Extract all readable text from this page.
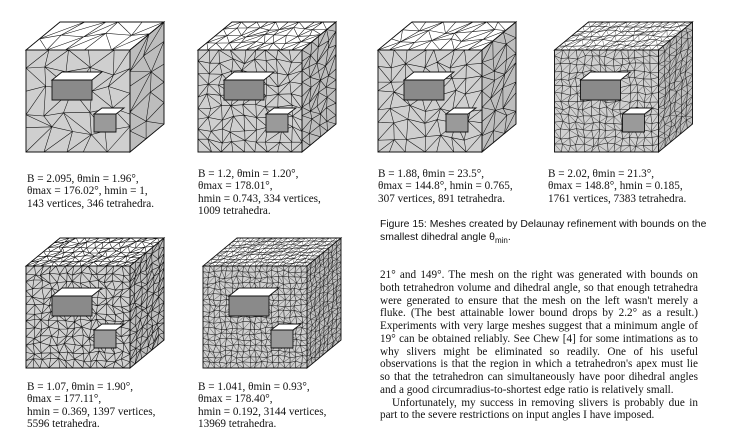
B = 2.095, θmin = 1.96°,
θmax = 176.02°, hmin = 1,
143 vertices, 346 tetrahedra.
B = 1.2, θmin = 1.20°,
θmax = 178.01°,
hmin = 0.743, 334 vertices,
1009 tetrahedra.
B = 1.88, θmin = 23.5°,
θmax = 144.8°, hmin = 0.765,
307 vertices, 891 tetrahedra.
B = 2.02, θmin = 21.3°,
θmax = 148.8°, hmin = 0.185,
1761 vertices, 7383 tetrahedra.
B = 1.07, θmin = 1.90°,
θmax = 177.11°,
hmin = 0.369, 1397 vertices,
5596 tetrahedra.
B = 1.041, θmin = 0.93°,
θmax = 178.40°,
hmin = 0.192, 3144 vertices,
13969 tetrahedra.
Figure 15: Meshes created by Delaunay refinement with bounds on the smallest dihedral angle $\theta_{min}$.

21° and 149°. The mesh on the right was generated with bounds on both tetrahedron volume and dihedral angle, so that enough tetrahedra were generated to ensure that the mesh on the left wasn't merely a fluke. (The best attainable lower bound drops by 2.2° as a result.) Experiments with very large meshes suggest that a minimum angle of 19° can be obtained reliably. See Chew [4] for some intimations as to why slivers might be eliminated so readily. One of his useful observations is that the region in which a tetrahedron's apex must lie so that the tetrahedron can simultaneously have poor dihedral angles and a good circumradius-to-shortest edge ratio is relatively small.

Unfortunately, my success in removing slivers is probably due in part to the severe restrictions on input angles I have imposed.
